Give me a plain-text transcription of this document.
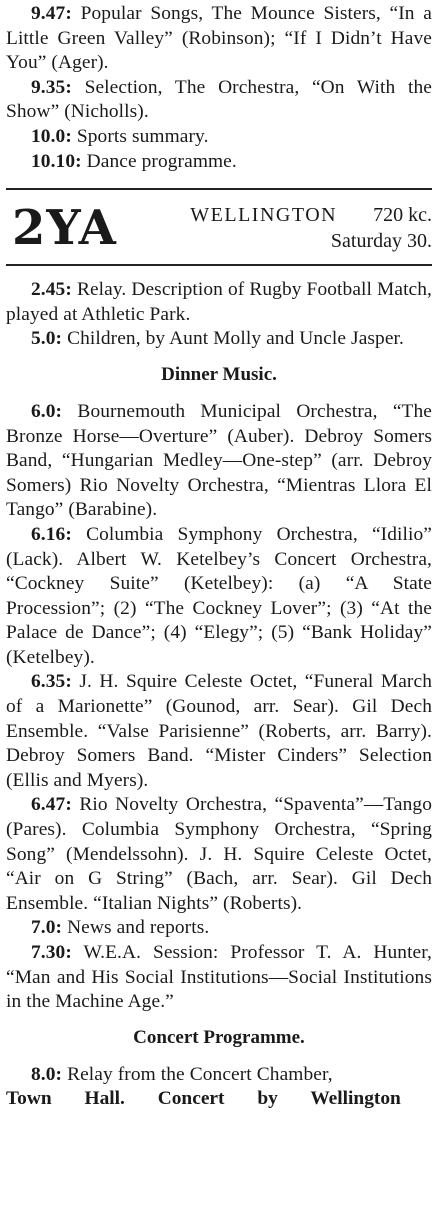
9.47: Popular Songs, The Mounce Sisters, “In a Little Green Valley” (Robinson); “If I Didn’t Have You” (Ager).

9.35: Selection, The Orchestra, “On With the Show” (Nicholls).

10.0: Sports summary.

10.10: Dance programme.

2YA	WELLINGTON 720 kc.
Saturday 30.

2.45: Relay. Description of Rugby Football Match, played at Athletic Park.

5.0: Children, by Aunt Molly and Uncle Jasper.

Dinner Music.

6.0: Bournemouth Municipal Orchestra, “The Bronze Horse—Overture” (Auber). Debroy Somers Band, “Hungarian Medley—One-step” (arr. Debroy Somers) Rio Novelty Orchestra, “Mientras Llora El Tango” (Barabine).

6.16: Columbia Symphony Orchestra, “Idilio” (Lack). Albert W. Ketelbey’s Concert Orchestra, “Cockney Suite” (Ketelbey): (a) “A State Procession”; (2) “The Cockney Lover”; (3) “At the Palace de Dance”; (4) “Elegy”; (5) “Bank Holiday” (Ketelbey).

6.35: J. H. Squire Celeste Octet, “Funeral March of a Marionette” (Gounod, arr. Sear). Gil Dech Ensemble. “Valse Parisienne” (Roberts, arr. Barry). Debroy Somers Band. “Mister Cinders” Selection (Ellis and Myers).

6.47: Rio Novelty Orchestra, “Spaventa”—Tango (Pares). Columbia Symphony Orchestra, “Spring Song” (Mendelssohn). J. H. Squire Celeste Octet, “Air on G String” (Bach, arr. Sear). Gil Dech Ensemble. “Italian Nights” (Roberts).

7.0: News and reports.

7.30: W.E.A. Session: Professor T. A. Hunter, “Man and His Social Institutions—Social Institutions in the Machine Age.”

Concert Programme.

8.0: Relay from the Concert Chamber,

Town Hall. Concert by Wellington
